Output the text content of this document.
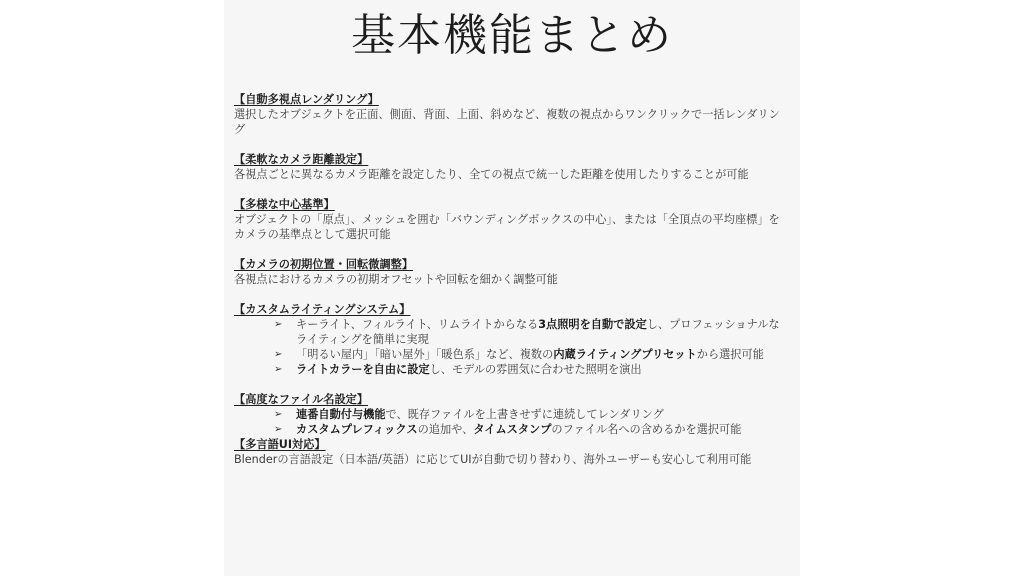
基本機能まとめ
【自動多視点レンダリング】
選択したオブジェクトを正面、側面、背面、上面、斜めなど、複数の視点からワンクリックで一括レンダリング
【柔軟なカメラ距離設定】
各視点ごとに異なるカメラ距離を設定したり、全ての視点で統一した距離を使用したりすることが可能
【多様な中心基準】
オブジェクトの「原点」、メッシュを囲む「バウンディングボックスの中心」、または「全頂点の平均座標」をカメラの基準点として選択可能
【カメラの初期位置・回転微調整】
各視点におけるカメラの初期オフセットや回転を細かく調整可能
【カスタムライティングシステム】
➢ キーライト、フィルライト、リムライトからなる3点照明を自動で設定し、プロフェッショナルなライティングを簡単に実現
➢ 「明るい屋内」「暗い屋外」「暖色系」など、複数の内蔵ライティングプリセットから選択可能
➢ ライトカラーを自由に設定し、モデルの雰囲気に合わせた照明を演出
【高度なファイル名設定】
➢ 連番自動付与機能で、既存ファイルを上書きせずに連続してレンダリング
➢ カスタムプレフィックスの追加や、タイムスタンプのファイル名への含めるかを選択可能
【多言語UI対応】
Blenderの言語設定（日本語/英語）に応じてUIが自動で切り替わり、海外ユーザーも安心して利用可能
